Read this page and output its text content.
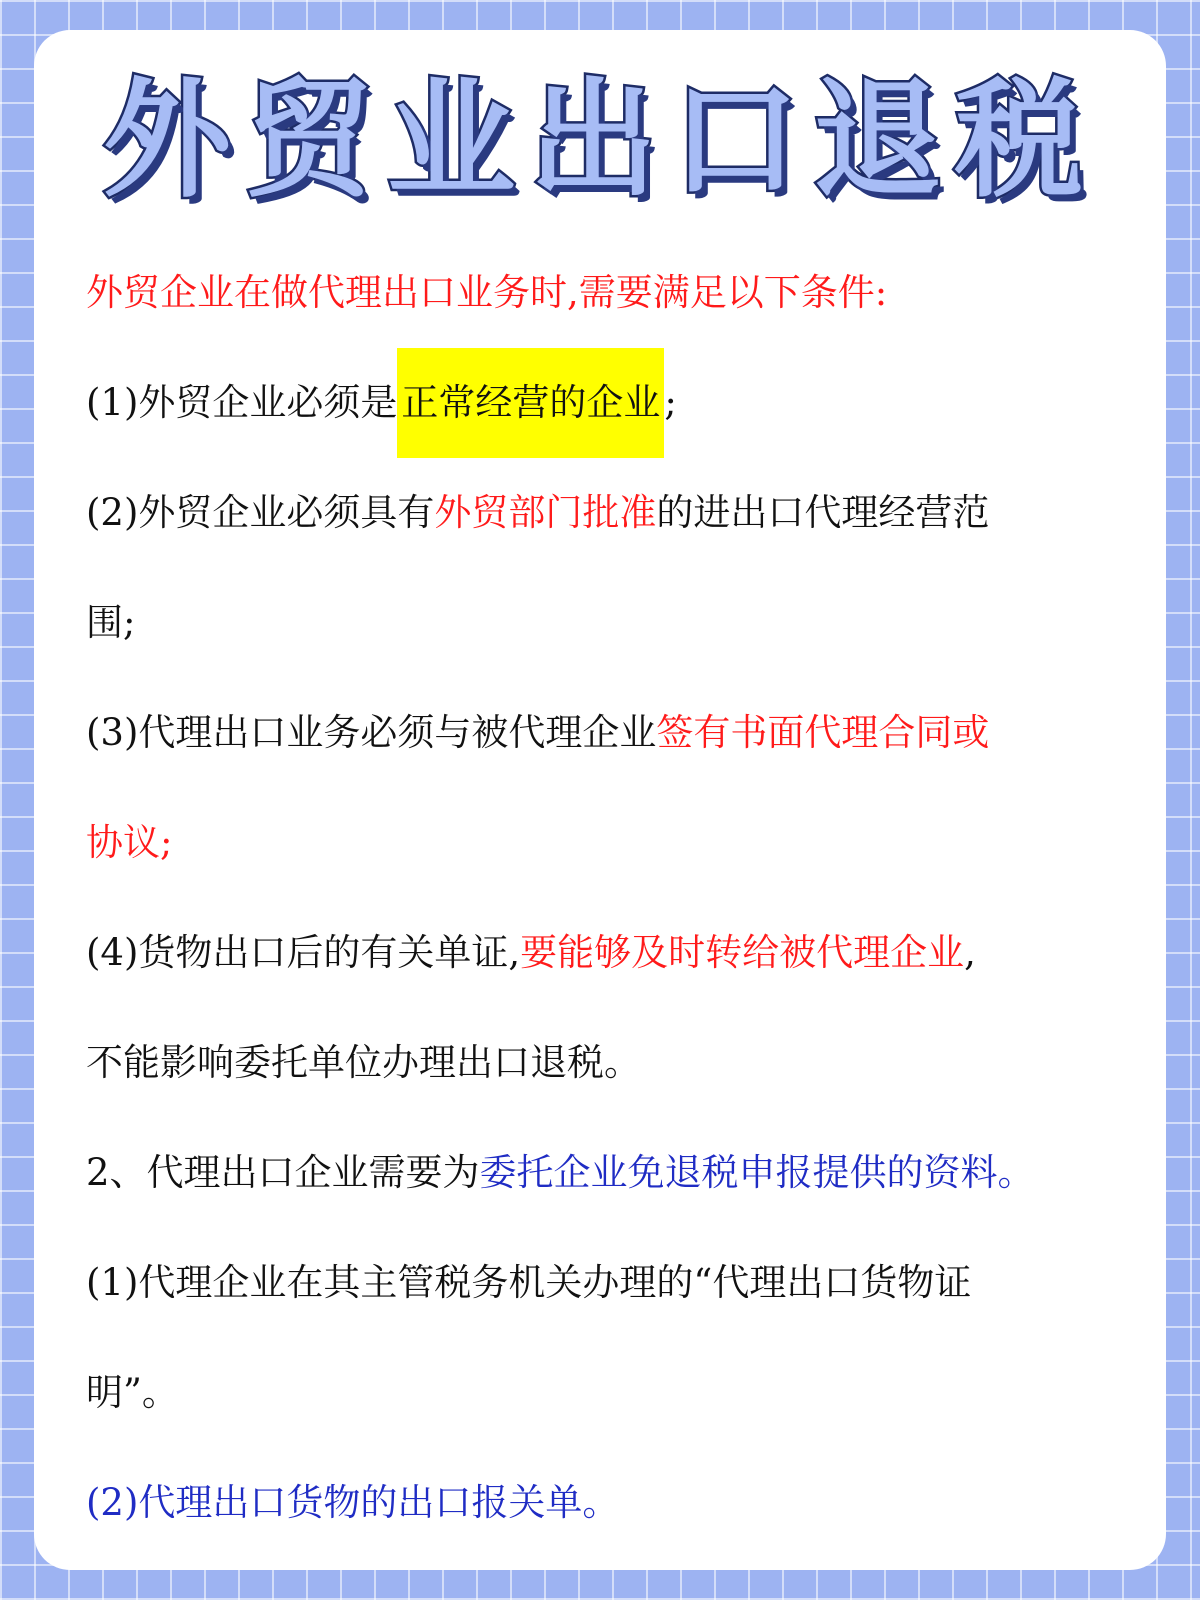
外贸业出口退税
外贸企业在做代理出口业务时,需要满足以下条件:
(1)外贸企业必须是 正常经营的企业 ;
(2)外贸企业必须具有外贸部门批准的进出口代理经营范
围;
(3)代理出口业务必须与被代理企业签有书面代理合同或
协议;
(4)货物出口后的有关单证,要能够及时转给被代理企业,
不能影响委托单位办理出口退税。
2、代理出口企业需要为委托企业免退税申报提供的资料。
(1)代理企业在其主管税务机关办理的“代理出口货物证
明”。
(2)代理出口货物的出口报关单。
